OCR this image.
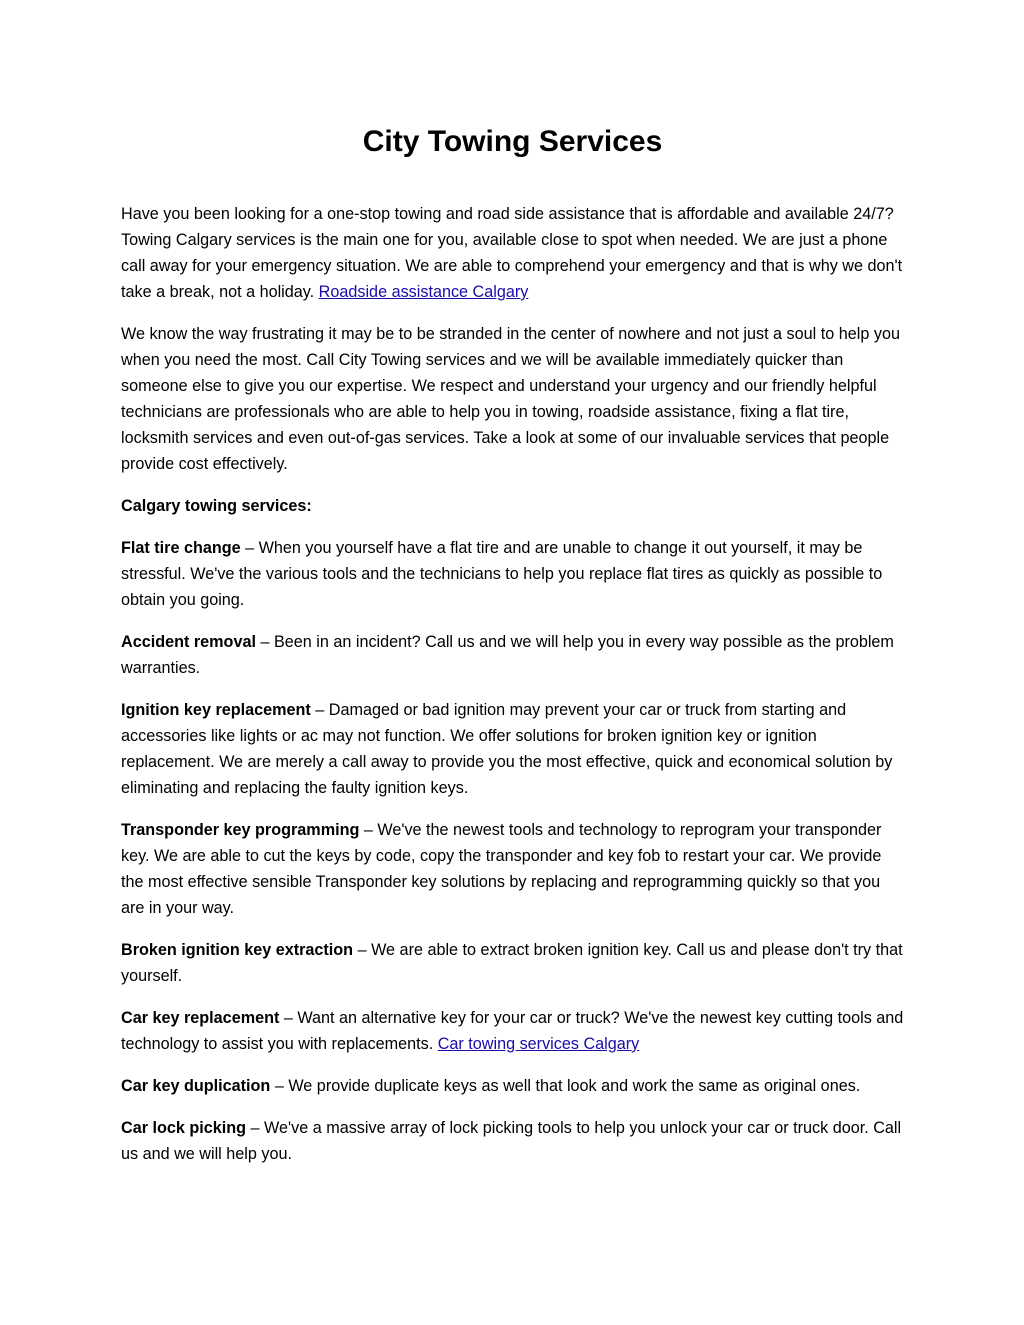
City Towing Services

Have you been looking for a one-stop towing and road side assistance that is affordable and available 24/7?  Towing Calgary services is the main one for you, available close to spot when needed. We are just a phone call away for your emergency situation. We are able to comprehend your emergency and that is why we don't take a break, not a holiday. Roadside assistance Calgary

We know the way frustrating it may be to be stranded in the center of nowhere and not just a soul to help you when you need the most. Call City Towing services and we will be available immediately quicker than someone else to give you our expertise. We respect and understand your urgency and our friendly helpful technicians are professionals who are able to help you in towing, roadside assistance, fixing a flat tire, locksmith services and even out-of-gas services. Take a look at some of our invaluable services that people provide cost effectively.

Calgary towing services:

Flat tire change – When you yourself have a flat tire and are unable to change it out yourself, it may be stressful. We've the various tools and the technicians to help you replace flat tires as quickly as possible to obtain you going.

Accident removal – Been in an incident? Call us and we will help you in every way possible as the problem warranties.

Ignition key replacement – Damaged or bad ignition may prevent your car or truck from starting and accessories like lights or ac may not function. We offer solutions for broken ignition key or ignition replacement. We are merely a call away to provide you the most effective, quick and economical solution by eliminating and replacing the faulty ignition keys.

Transponder key programming – We've the newest tools and technology to reprogram your transponder key. We are able to cut the keys by code, copy the transponder and key fob to restart your car. We provide the most effective sensible Transponder key solutions by replacing and reprogramming quickly so that you are in your way.

Broken ignition key extraction – We are able to extract broken ignition key. Call us and please don't try that yourself.

Car key replacement – Want an alternative key for your car or truck? We've the newest key cutting tools and technology to assist you with replacements. Car towing services Calgary

Car key duplication – We provide duplicate keys as well that look and work the same as original ones.

Car lock picking – We've a massive array of lock picking tools to help you unlock your car or truck door. Call us and we will help you.
